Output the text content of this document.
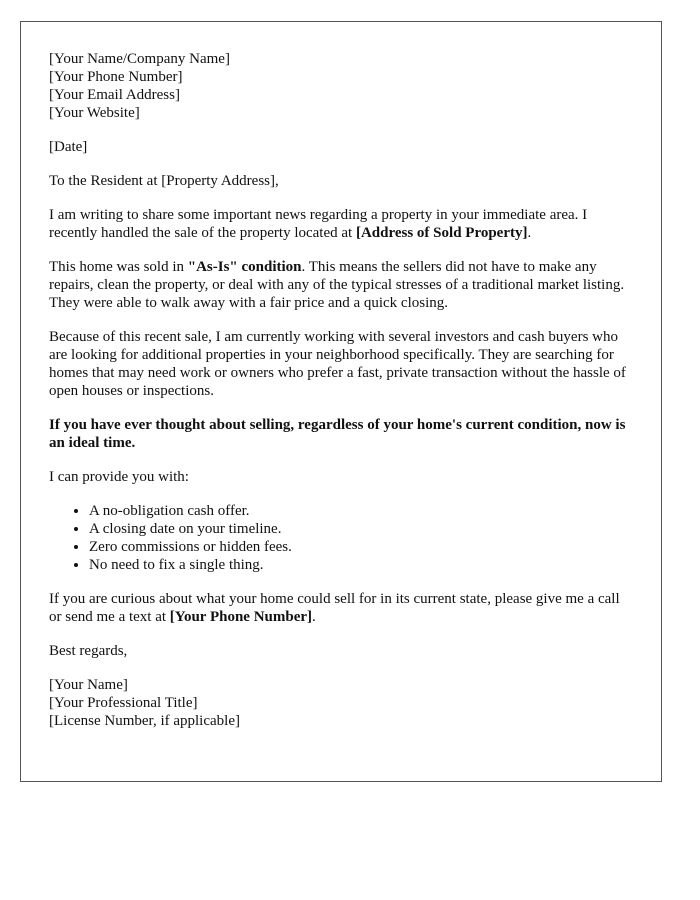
[Your Name/Company Name]
[Your Phone Number]
[Your Email Address]
[Your Website]

[Date]

To the Resident at [Property Address],

I am writing to share some important news regarding a property in your immediate area. I recently handled the sale of the property located at [Address of Sold Property].

This home was sold in "As-Is" condition. This means the sellers did not have to make any repairs, clean the property, or deal with any of the typical stresses of a traditional market listing. They were able to walk away with a fair price and a quick closing.

Because of this recent sale, I am currently working with several investors and cash buyers who are looking for additional properties in your neighborhood specifically. They are searching for homes that may need work or owners who prefer a fast, private transaction without the hassle of open houses or inspections.

If you have ever thought about selling, regardless of your home's current condition, now is an ideal time.

I can provide you with:

• A no-obligation cash offer.
• A closing date on your timeline.
• Zero commissions or hidden fees.
• No need to fix a single thing.

If you are curious about what your home could sell for in its current state, please give me a call or send me a text at [Your Phone Number].

Best regards,

[Your Name]
[Your Professional Title]
[License Number, if applicable]
